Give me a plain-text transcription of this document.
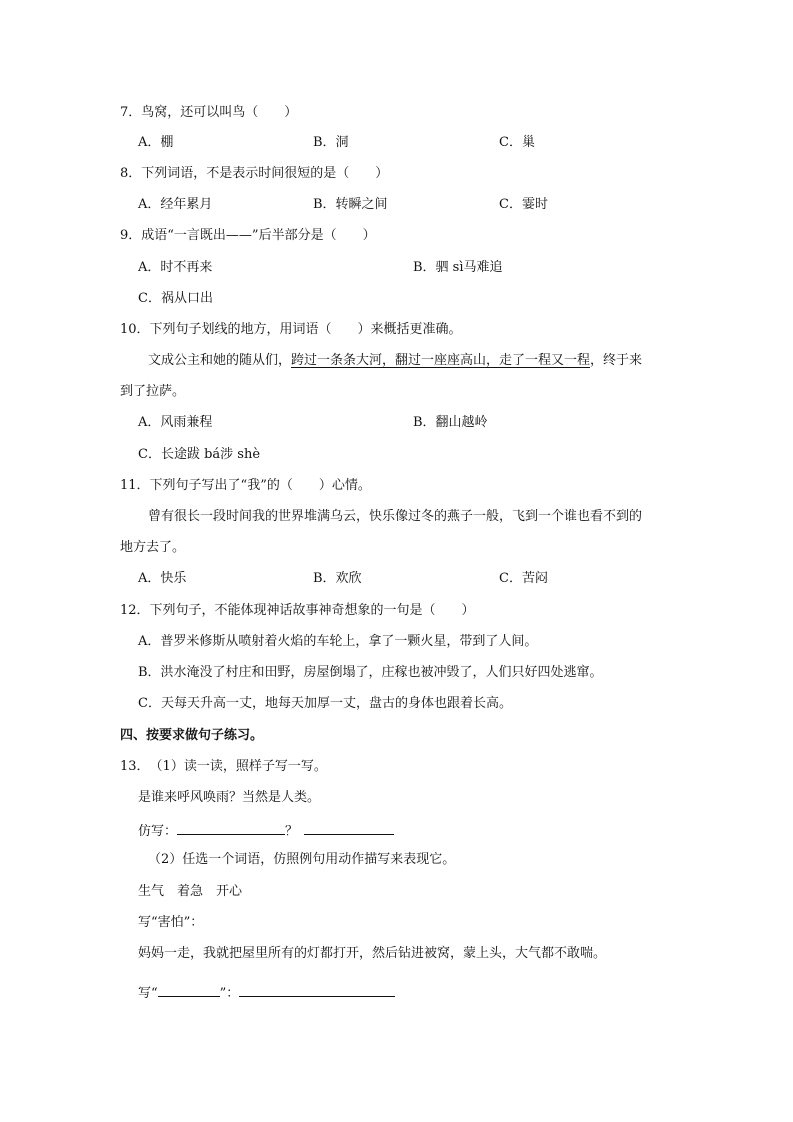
7．鸟窝，还可以叫鸟（　　）
A．棚	B．洞	C．巢
8．下列词语，不是表示时间很短的是（　　）
A．经年累月	B．转瞬之间	C．霎时
9．成语“一言既出——”后半部分是（　　）
A．时不再来	B．驷 sì马难追
C．祸从口出
10．下列句子划线的地方，用词语（　　）来概括更准确。
文成公主和她的随从们，跨过一条条大河，翻过一座座高山，走了一程又一程，终于来
到了拉萨。
A．风雨兼程	B．翻山越岭
C．长途跋 bá涉 shè
11．下列句子写出了“我”的（　　）心情。
曾有很长一段时间我的世界堆满乌云，快乐像过冬的燕子一般，飞到一个谁也看不到的
地方去了。
A．快乐	B．欢欣	C．苦闷
12．下列句子，不能体现神话故事神奇想象的一句是（　　）
A．普罗米修斯从喷射着火焰的车轮上，拿了一颗火星，带到了人间。
B．洪水淹没了村庄和田野，房屋倒塌了，庄稼也被冲毁了，人们只好四处逃窜。
C．天每天升高一丈，地每天加厚一丈，盘古的身体也跟着长高。
四、按要求做句子练习。
13．　（1）读一读，照样子写一写。
是谁来呼风唤雨？当然是人类。
仿写：	？
（2）任选一个词语，仿照例句用动作描写来表现它。
生气　着急　开心
写“害怕”：
妈妈一走，我就把屋里所有的灯都打开，然后钻进被窝，蒙上头，大气都不敢喘。
写“	”：
